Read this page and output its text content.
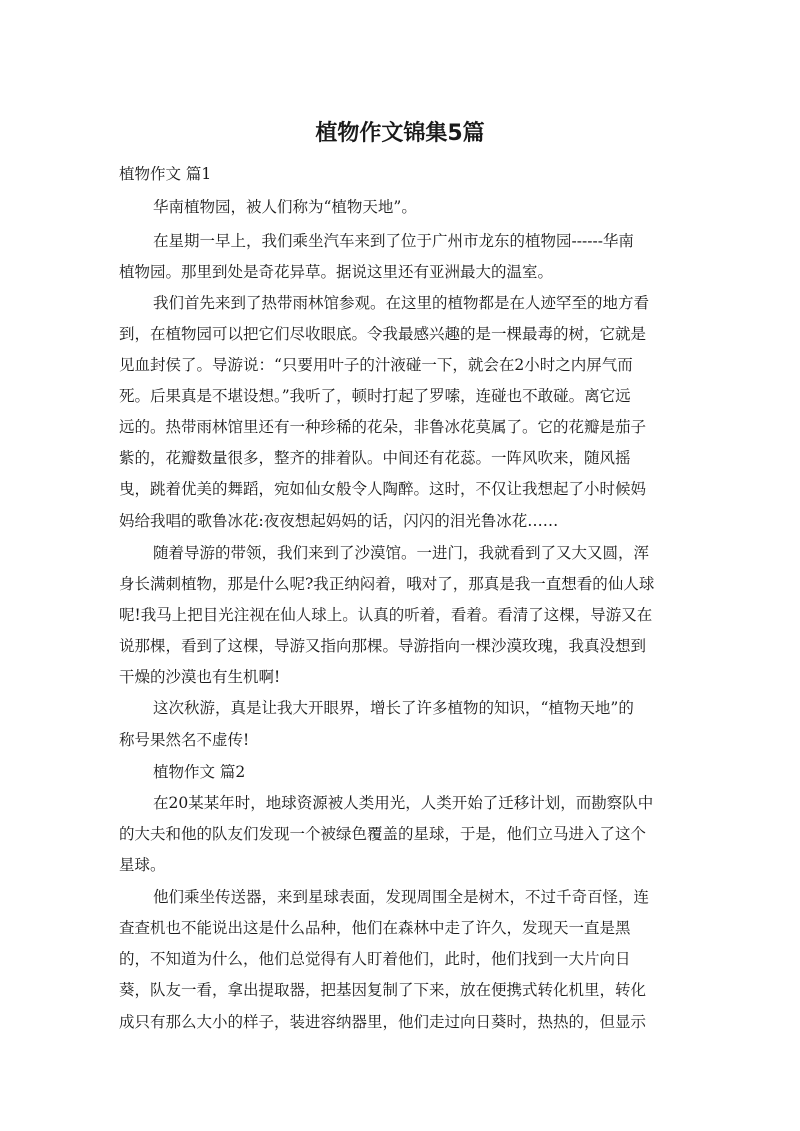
植物作文锦集5篇

植物作文 篇1

华南植物园，被人们称为“植物天地”。

在星期一早上，我们乘坐汽车来到了位于广州市龙东的植物园------华南

植物园。那里到处是奇花异草。据说这里还有亚洲最大的温室。

我们首先来到了热带雨林馆参观。在这里的植物都是在人迹罕至的地方看

到，在植物园可以把它们尽收眼底。令我最感兴趣的是一棵最毒的树，它就是

见血封侯了。导游说：“只要用叶子的汁液碰一下，就会在2小时之内屏气而

死。后果真是不堪设想。”我听了，顿时打起了罗嗦，连碰也不敢碰。离它远

远的。热带雨林馆里还有一种珍稀的花朵，非鲁冰花莫属了。它的花瓣是茄子

紫的，花瓣数量很多，整齐的排着队。中间还有花蕊。一阵风吹来，随风摇

曳，跳着优美的舞蹈，宛如仙女般令人陶醉。这时，不仅让我想起了小时候妈

妈给我唱的歌鲁冰花:夜夜想起妈妈的话，闪闪的泪光鲁冰花……

随着导游的带领，我们来到了沙漠馆。一进门，我就看到了又大又圆，浑

身长满刺植物，那是什么呢?我正纳闷着，哦对了，那真是我一直想看的仙人球

呢!我马上把目光注视在仙人球上。认真的听着，看着。看清了这棵，导游又在

说那棵，看到了这棵，导游又指向那棵。导游指向一棵沙漠玫瑰，我真没想到

干燥的沙漠也有生机啊!

这次秋游，真是让我大开眼界，增长了许多植物的知识，“植物天地”的

称号果然名不虚传!

植物作文 篇2

在20某某年时，地球资源被人类用光，人类开始了迁移计划，而勘察队中

的大夫和他的队友们发现一个被绿色覆盖的星球，于是，他们立马进入了这个

星球。

他们乘坐传送器，来到星球表面，发现周围全是树木，不过千奇百怪，连

查查机也不能说出这是什么品种，他们在森林中走了许久，发现天一直是黑

的，不知道为什么，他们总觉得有人盯着他们，此时，他们找到一大片向日

葵，队友一看，拿出提取器，把基因复制了下来，放在便携式转化机里，转化

成只有那么大小的样子，装进容纳器里，他们走过向日葵时，热热的，但显示
